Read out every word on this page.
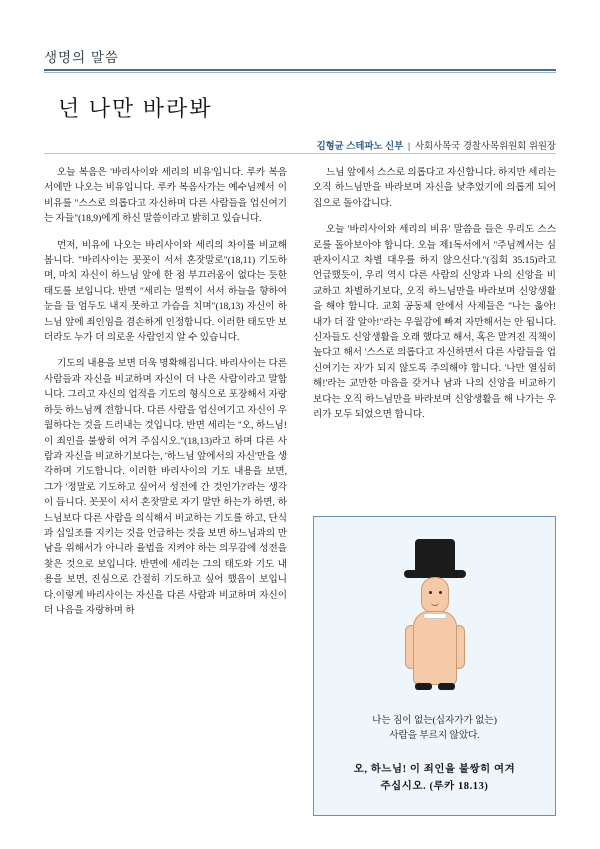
생명의 말씀
넌 나만 바라봐
김형균 스테파노 신부 | 사회사목국 경찰사목위원회 위원장

오늘 복음은 '바리사이와 세리의 비유'입니다. 루카 복음서에만 나오는 비유입니다. 루카 복음사가는 예수님께서 이 비유를 "스스로 의롭다고 자신하며 다른 사람들을 업신여기는 자들"(18,9)에게 하신 말씀이라고 밝히고 있습니다.

먼저, 비유에 나오는 바리사이와 세리의 차이를 비교해 봅니다. "바리사이는 꼿꼿이 서서 혼잣말로"(18,11) 기도하며, 마치 자신이 하느님 앞에 한 점 부끄러움이 없다는 듯한 태도를 보입니다. 반면 "세리는 멀찍이 서서 하늘을 향하여 눈을 들 엄두도 내지 못하고 가슴을 치며"(18,13) 자신이 하느님 앞에 죄인임을 겸손하게 인정합니다. 이러한 태도만 보더라도 누가 더 의로운 사람인지 알 수 있습니다.

기도의 내용을 보면 더욱 명확해집니다. 바리사이는 다른 사람들과 자신을 비교하며 자신이 더 나은 사람이라고 말합니다. 그리고 자신의 업적을 기도의 형식으로 포장해서 자랑하듯 하느님께 전합니다. 다른 사람을 업신여기고 자신이 우월하다는 것을 드러내는 것입니다. 반면 세리는 "오, 하느님! 이 죄인을 불쌍히 여겨 주십시오."(18,13)라고 하며 다른 사람과 자신을 비교하기보다는, '하느님 앞에서의 자신'만을 생각하며 기도합니다. 이러한 바리사이의 기도 내용을 보면, 그가 '정말로 기도하고 싶어서 성전에 간 것인가?'라는 생각이 듭니다. 꼿꼿이 서서 혼잣말로 자기 말만 하는가 하면, 하느님보다 다른 사람을 의식해서 비교하는 기도를 하고, 단식과 십일조를 지키는 것을 언급하는 것을 보면 하느님과의 만남을 위해서가 아니라 율법을 지켜야 하는 의무감에 성전을 찾은 것으로 보입니다. 반면에 세리는 그의 태도와 기도 내용을 보면, 진심으로 간절히 기도하고 싶어 했음이 보입니다.이렇게 바리사이는 자신을 다른 사람과 비교하며 자신이 더 나음을 자랑하며 하

느님 앞에서 스스로 의롭다고 자신합니다. 하지만 세리는 오직 하느님만을 바라보며 자신을 낮추었기에 의롭게 되어 집으로 돌아갑니다.

오늘 '바리사이와 세리의 비유' 말씀을 들은 우리도 스스로를 돌아보아야 합니다. 오늘 제1독서에서 "주님께서는 심판자이시고 차별 대우를 하지 않으신다."(집회 35.15)라고 언급했듯이, 우리 역시 다른 사람의 신앙과 나의 신앙을 비교하고 차별하기보다, 오직 하느님만을 바라보며 신앙생활을 해야 합니다. 교회 공동체 안에서 사제들은 "나는 옳아! 내가 더 잘 알아!"라는 우월감에 빠져 자만해서는 안 됩니다. 신자들도 신앙생활을 오래 했다고 해서, 혹은 맡겨진 직책이 높다고 해서 '스스로 의롭다고 자신하면서 다른 사람들을 업신여기는 자'가 되지 않도록 주의해야 합니다. '나만 열심히 해!'라는 교만한 마음을 갖거나 남과 나의 신앙을 비교하기보다는 오직 하느님만을 바라보며 신앙생활을 해 나가는 우리가 모두 되었으면 합니다.

나는 짐이 없는(십자가가 없는)
사람을 부르지 않았다.
오, 하느님! 이 죄인을 불쌍히 여겨
주십시오. (루카 18.13)
